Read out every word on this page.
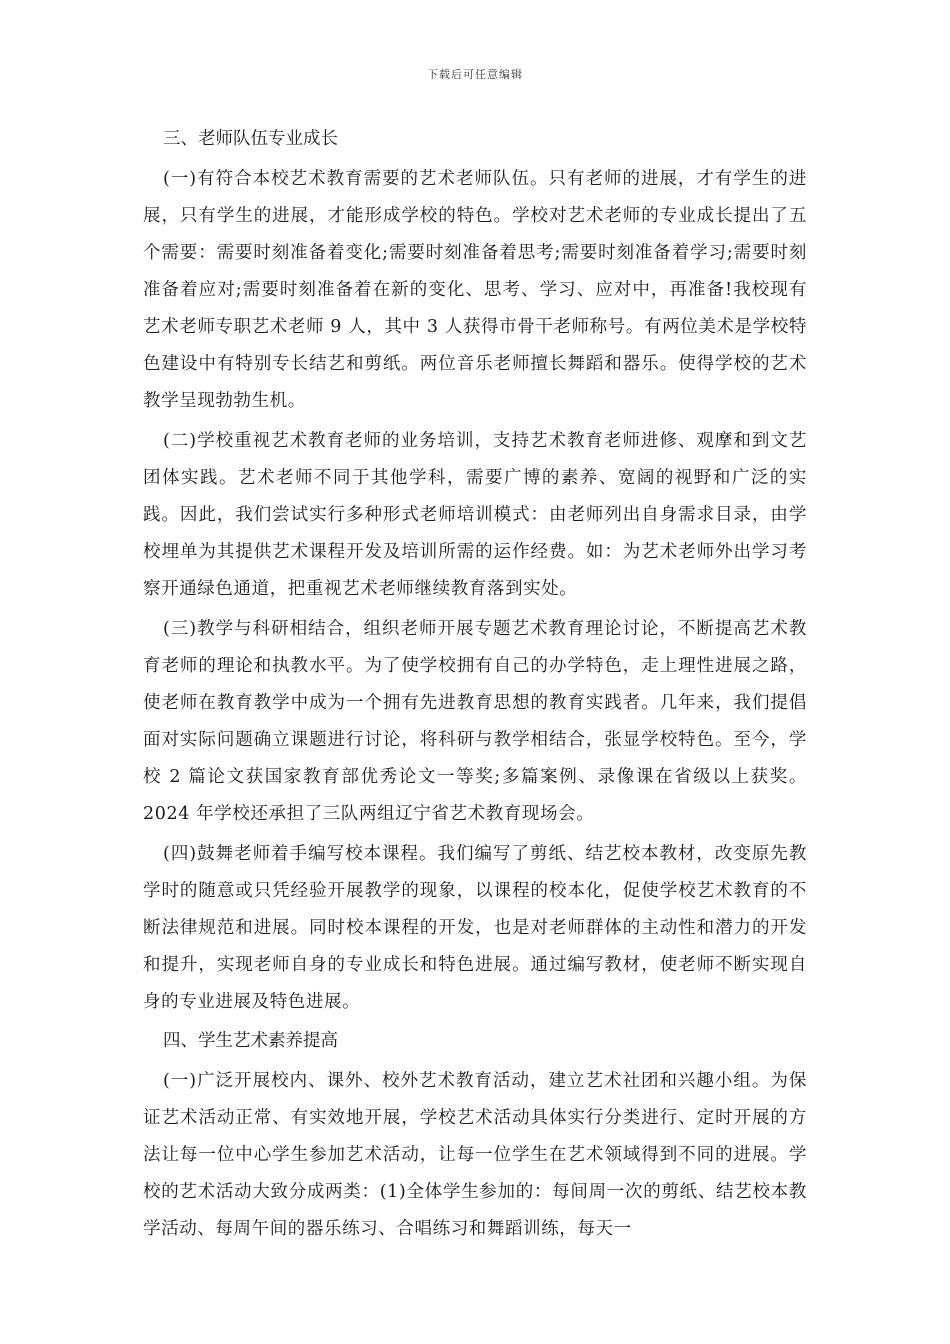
下载后可任意编辑
三、老师队伍专业成长

(一)有符合本校艺术教育需要的艺术老师队伍。只有老师的进展，才有学生的进展，只有学生的进展，才能形成学校的特色。学校对艺术老师的专业成长提出了五个需要：需要时刻准备着变化;需要时刻准备着思考;需要时刻准备着学习;需要时刻准备着应对;需要时刻准备着在新的变化、思考、学习、应对中，再准备!我校现有艺术老师专职艺术老师 9 人，其中 3 人获得市骨干老师称号。有两位美术是学校特色建设中有特别专长结艺和剪纸。两位音乐老师擅长舞蹈和器乐。使得学校的艺术教学呈现勃勃生机。

(二)学校重视艺术教育老师的业务培训，支持艺术教育老师进修、观摩和到文艺团体实践。艺术老师不同于其他学科，需要广博的素养、宽阔的视野和广泛的实践。因此，我们尝试实行多种形式老师培训模式：由老师列出自身需求目录，由学校埋单为其提供艺术课程开发及培训所需的运作经费。如：为艺术老师外出学习考察开通绿色通道，把重视艺术老师继续教育落到实处。

(三)教学与科研相结合，组织老师开展专题艺术教育理论讨论，不断提高艺术教育老师的理论和执教水平。为了使学校拥有自己的办学特色，走上理性进展之路，使老师在教育教学中成为一个拥有先进教育思想的教育实践者。几年来，我们提倡面对实际问题确立课题进行讨论，将科研与教学相结合，张显学校特色。至今，学校 2 篇论文获国家教育部优秀论文一等奖;多篇案例、录像课在省级以上获奖。2024 年学校还承担了三队两组辽宁省艺术教育现场会。

(四)鼓舞老师着手编写校本课程。我们编写了剪纸、结艺校本教材，改变原先教学时的随意或只凭经验开展教学的现象，以课程的校本化，促使学校艺术教育的不断法律规范和进展。同时校本课程的开发，也是对老师群体的主动性和潜力的开发和提升，实现老师自身的专业成长和特色进展。通过编写教材，使老师不断实现自身的专业进展及特色进展。

四、学生艺术素养提高

(一)广泛开展校内、课外、校外艺术教育活动，建立艺术社团和兴趣小组。为保证艺术活动正常、有实效地开展，学校艺术活动具体实行分类进行、定时开展的方法让每一位中心学生参加艺术活动，让每一位学生在艺术领域得到不同的进展。学校的艺术活动大致分成两类：(1)全体学生参加的：每间周一次的剪纸、结艺校本教学活动、每周午间的器乐练习、合唱练习和舞蹈训练，每天一
